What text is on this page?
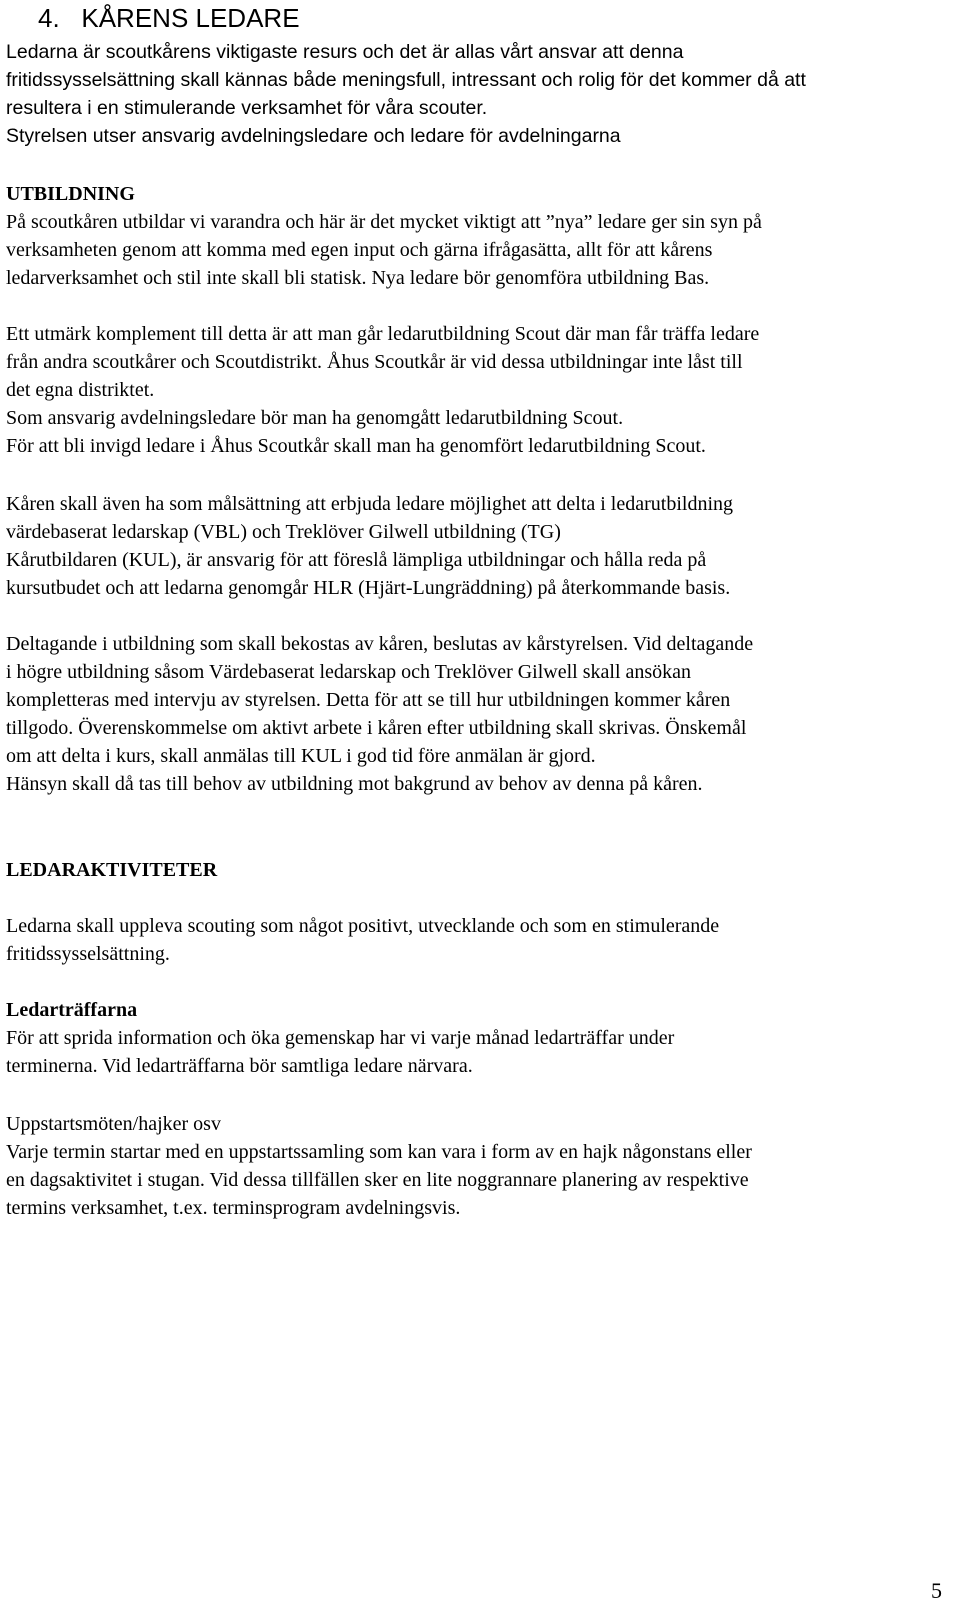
4. KÅRENS LEDARE
Ledarna är scoutkårens viktigaste resurs och det är allas vårt ansvar att denna
fritidssysselsättning skall kännas både meningsfull, intressant och rolig för det kommer då att
resultera i en stimulerande verksamhet för våra scouter.
Styrelsen utser ansvarig avdelningsledare och ledare för avdelningarna
UTBILDNING
På scoutkåren utbildar vi varandra och här är det mycket viktigt att ”nya” ledare ger sin syn på
verksamheten genom att komma med egen input och gärna ifrågasätta, allt för att kårens
ledarverksamhet och stil inte skall bli statisk. Nya ledare bör genomföra utbildning Bas.
Ett utmärk komplement till detta är att man går ledarutbildning Scout där man får träffa ledare
från andra scoutkårer och Scoutdistrikt. Åhus Scoutkår är vid dessa utbildningar inte låst till
det egna distriktet.
Som ansvarig avdelningsledare bör man ha genomgått ledarutbildning Scout.
För att bli invigd ledare i Åhus Scoutkår skall man ha genomfört ledarutbildning Scout.
Kåren skall även ha som målsättning att erbjuda ledare möjlighet att delta i ledarutbildning
värdebaserat ledarskap (VBL) och Treklöver Gilwell utbildning (TG)
Kårutbildaren (KUL), är ansvarig för att föreslå lämpliga utbildningar och hålla reda på
kursutbudet och att ledarna genomgår HLR (Hjärt-Lungräddning) på återkommande basis.
Deltagande i utbildning som skall bekostas av kåren, beslutas av kårstyrelsen. Vid deltagande
i högre utbildning såsom Värdebaserat ledarskap och Treklöver Gilwell skall ansökan
kompletteras med intervju av styrelsen. Detta för att se till hur utbildningen kommer kåren
tillgodo. Överenskommelse om aktivt arbete i kåren efter utbildning skall skrivas. Önskemål
om att delta i kurs, skall anmälas till KUL i god tid före anmälan är gjord.
Hänsyn skall då tas till behov av utbildning mot bakgrund av behov av denna på kåren.
LEDARAKTIVITETER
Ledarna skall uppleva scouting som något positivt, utvecklande och som en stimulerande
fritidssysselsättning.
Ledarträffarna
För att sprida information och öka gemenskap har vi varje månad ledarträffar under
terminerna. Vid ledarträffarna bör samtliga ledare närvara.
Uppstartsmöten/hajker osv
Varje termin startar med en uppstartssamling som kan vara i form av en hajk någonstans eller
en dagsaktivitet i stugan. Vid dessa tillfällen sker en lite noggrannare planering av respektive
termins verksamhet, t.ex. terminsprogram avdelningsvis.
5
